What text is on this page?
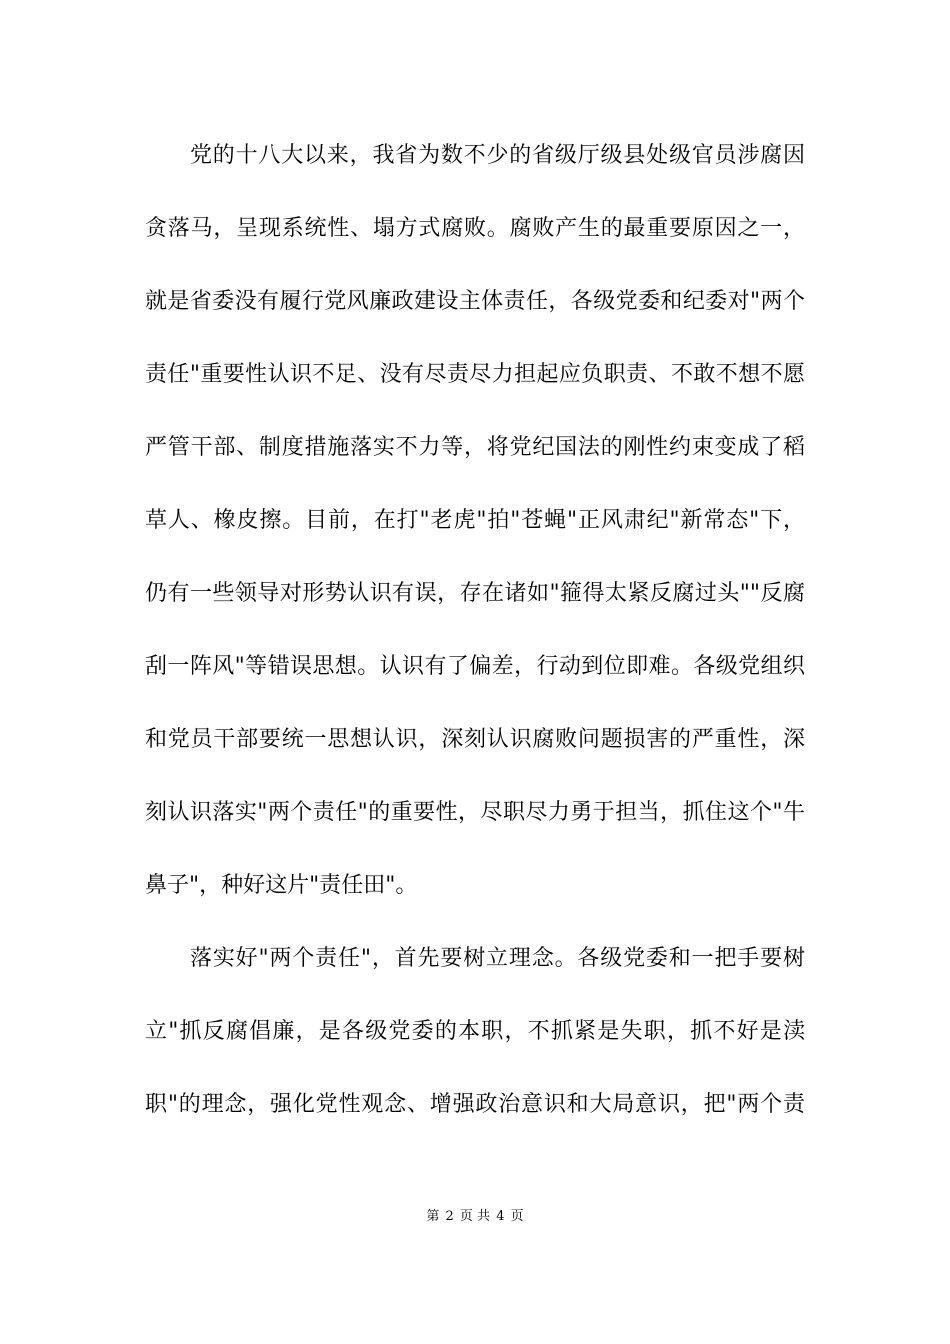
党的十八大以来，我省为数不少的省级厅级县处级官员涉腐因
贪落马，呈现系统性、塌方式腐败。腐败产生的最重要原因之一，
就是省委没有履行党风廉政建设主体责任，各级党委和纪委对"两个
责任"重要性认识不足、没有尽责尽力担起应负职责、不敢不想不愿
严管干部、制度措施落实不力等，将党纪国法的刚性约束变成了稻
草人、橡皮擦。目前，在打"老虎"拍"苍蝇"正风肃纪"新常态"下，
仍有一些领导对形势认识有误，存在诸如"箍得太紧反腐过头""反腐
刮一阵风"等错误思想。认识有了偏差，行动到位即难。各级党组织
和党员干部要统一思想认识，深刻认识腐败问题损害的严重性，深
刻认识落实"两个责任"的重要性，尽职尽力勇于担当，抓住这个"牛
鼻子"，种好这片"责任田"。
落实好"两个责任"，首先要树立理念。各级党委和一把手要树
立"抓反腐倡廉，是各级党委的本职，不抓紧是失职，抓不好是渎
职"的理念，强化党性观念、增强政治意识和大局意识，把"两个责
第 2 页 共 4 页
